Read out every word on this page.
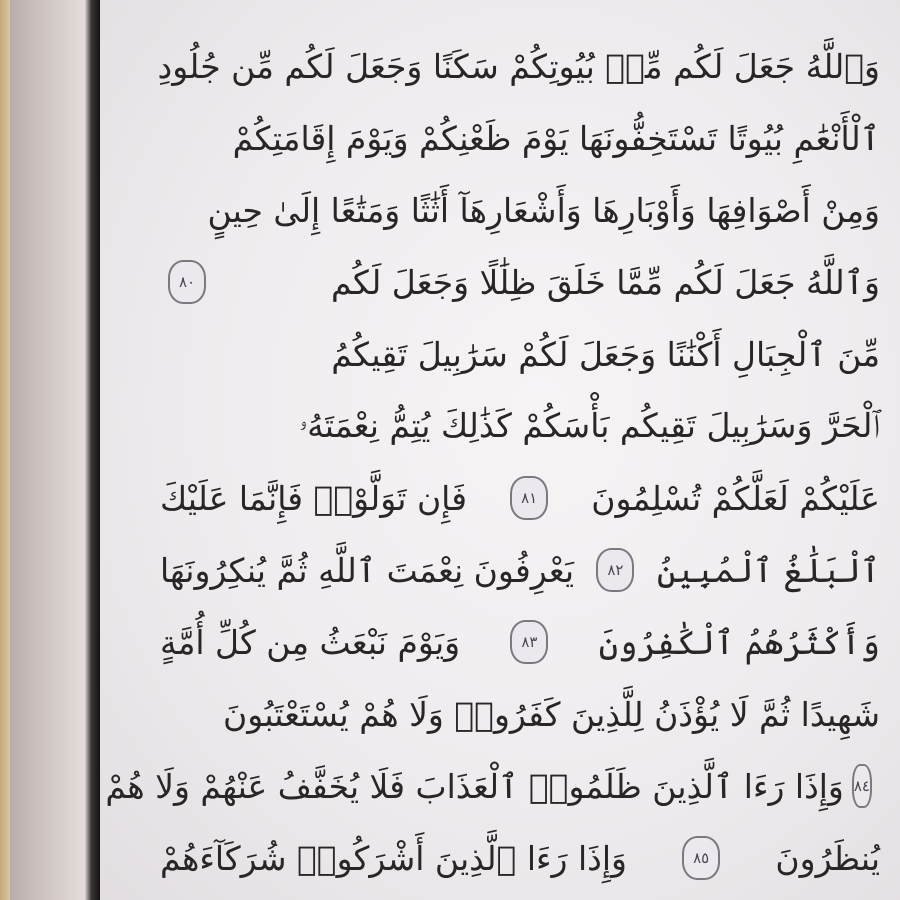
وَٱللَّهُ جَعَلَ لَكُم مِّنۢ بُيُوتِكُمْ سَكَنًا وَجَعَلَ لَكُم مِّن جُلُودِ
ٱلْأَنْعَٰمِ بُيُوتًا تَسْتَخِفُّونَهَا يَوْمَ ظَعْنِكُمْ وَيَوْمَ إِقَامَتِكُمْ
وَمِنْ أَصْوَافِهَا وَأَوْبَارِهَا وَأَشْعَارِهَآ أَثَٰثًا وَمَتَٰعًا إِلَىٰ حِينٍ
وَٱللَّهُ جَعَلَ لَكُم مِّمَّا خَلَقَ ظِلَٰلًا وَجَعَلَ لَكُم
٨٠
مِّنَ ٱلْجِبَالِ أَكْنَٰنًا وَجَعَلَ لَكُمْ سَرَٰبِيلَ تَقِيكُمُ
ٱلْحَرَّ وَسَرَٰبِيلَ تَقِيكُم بَأْسَكُمْ كَذَٰلِكَ يُتِمُّ نِعْمَتَهُۥ
عَلَيْكُمْ لَعَلَّكُمْ تُسْلِمُونَ
٨١
فَإِن تَوَلَّوْا۟ فَإِنَّمَا عَلَيْكَ
ٱلْبَلَٰغُ ٱلْمُبِينُ
٨٢
يَعْرِفُونَ نِعْمَتَ ٱللَّهِ ثُمَّ يُنكِرُونَهَا
وَأَكْثَرُهُمُ ٱلْكَٰفِرُونَ
٨٣
وَيَوْمَ نَبْعَثُ مِن كُلِّ أُمَّةٍ
شَهِيدًا ثُمَّ لَا يُؤْذَنُ لِلَّذِينَ كَفَرُوا۟ وَلَا هُمْ يُسْتَعْتَبُونَ
٨٤
وَإِذَا رَءَا ٱلَّذِينَ ظَلَمُوا۟ ٱلْعَذَابَ فَلَا يُخَفَّفُ عَنْهُمْ وَلَا هُمْ
يُنظَرُونَ
٨٥
وَإِذَا رَءَا ٱلَّذِينَ أَشْرَكُوا۟ شُرَكَآءَهُمْ
